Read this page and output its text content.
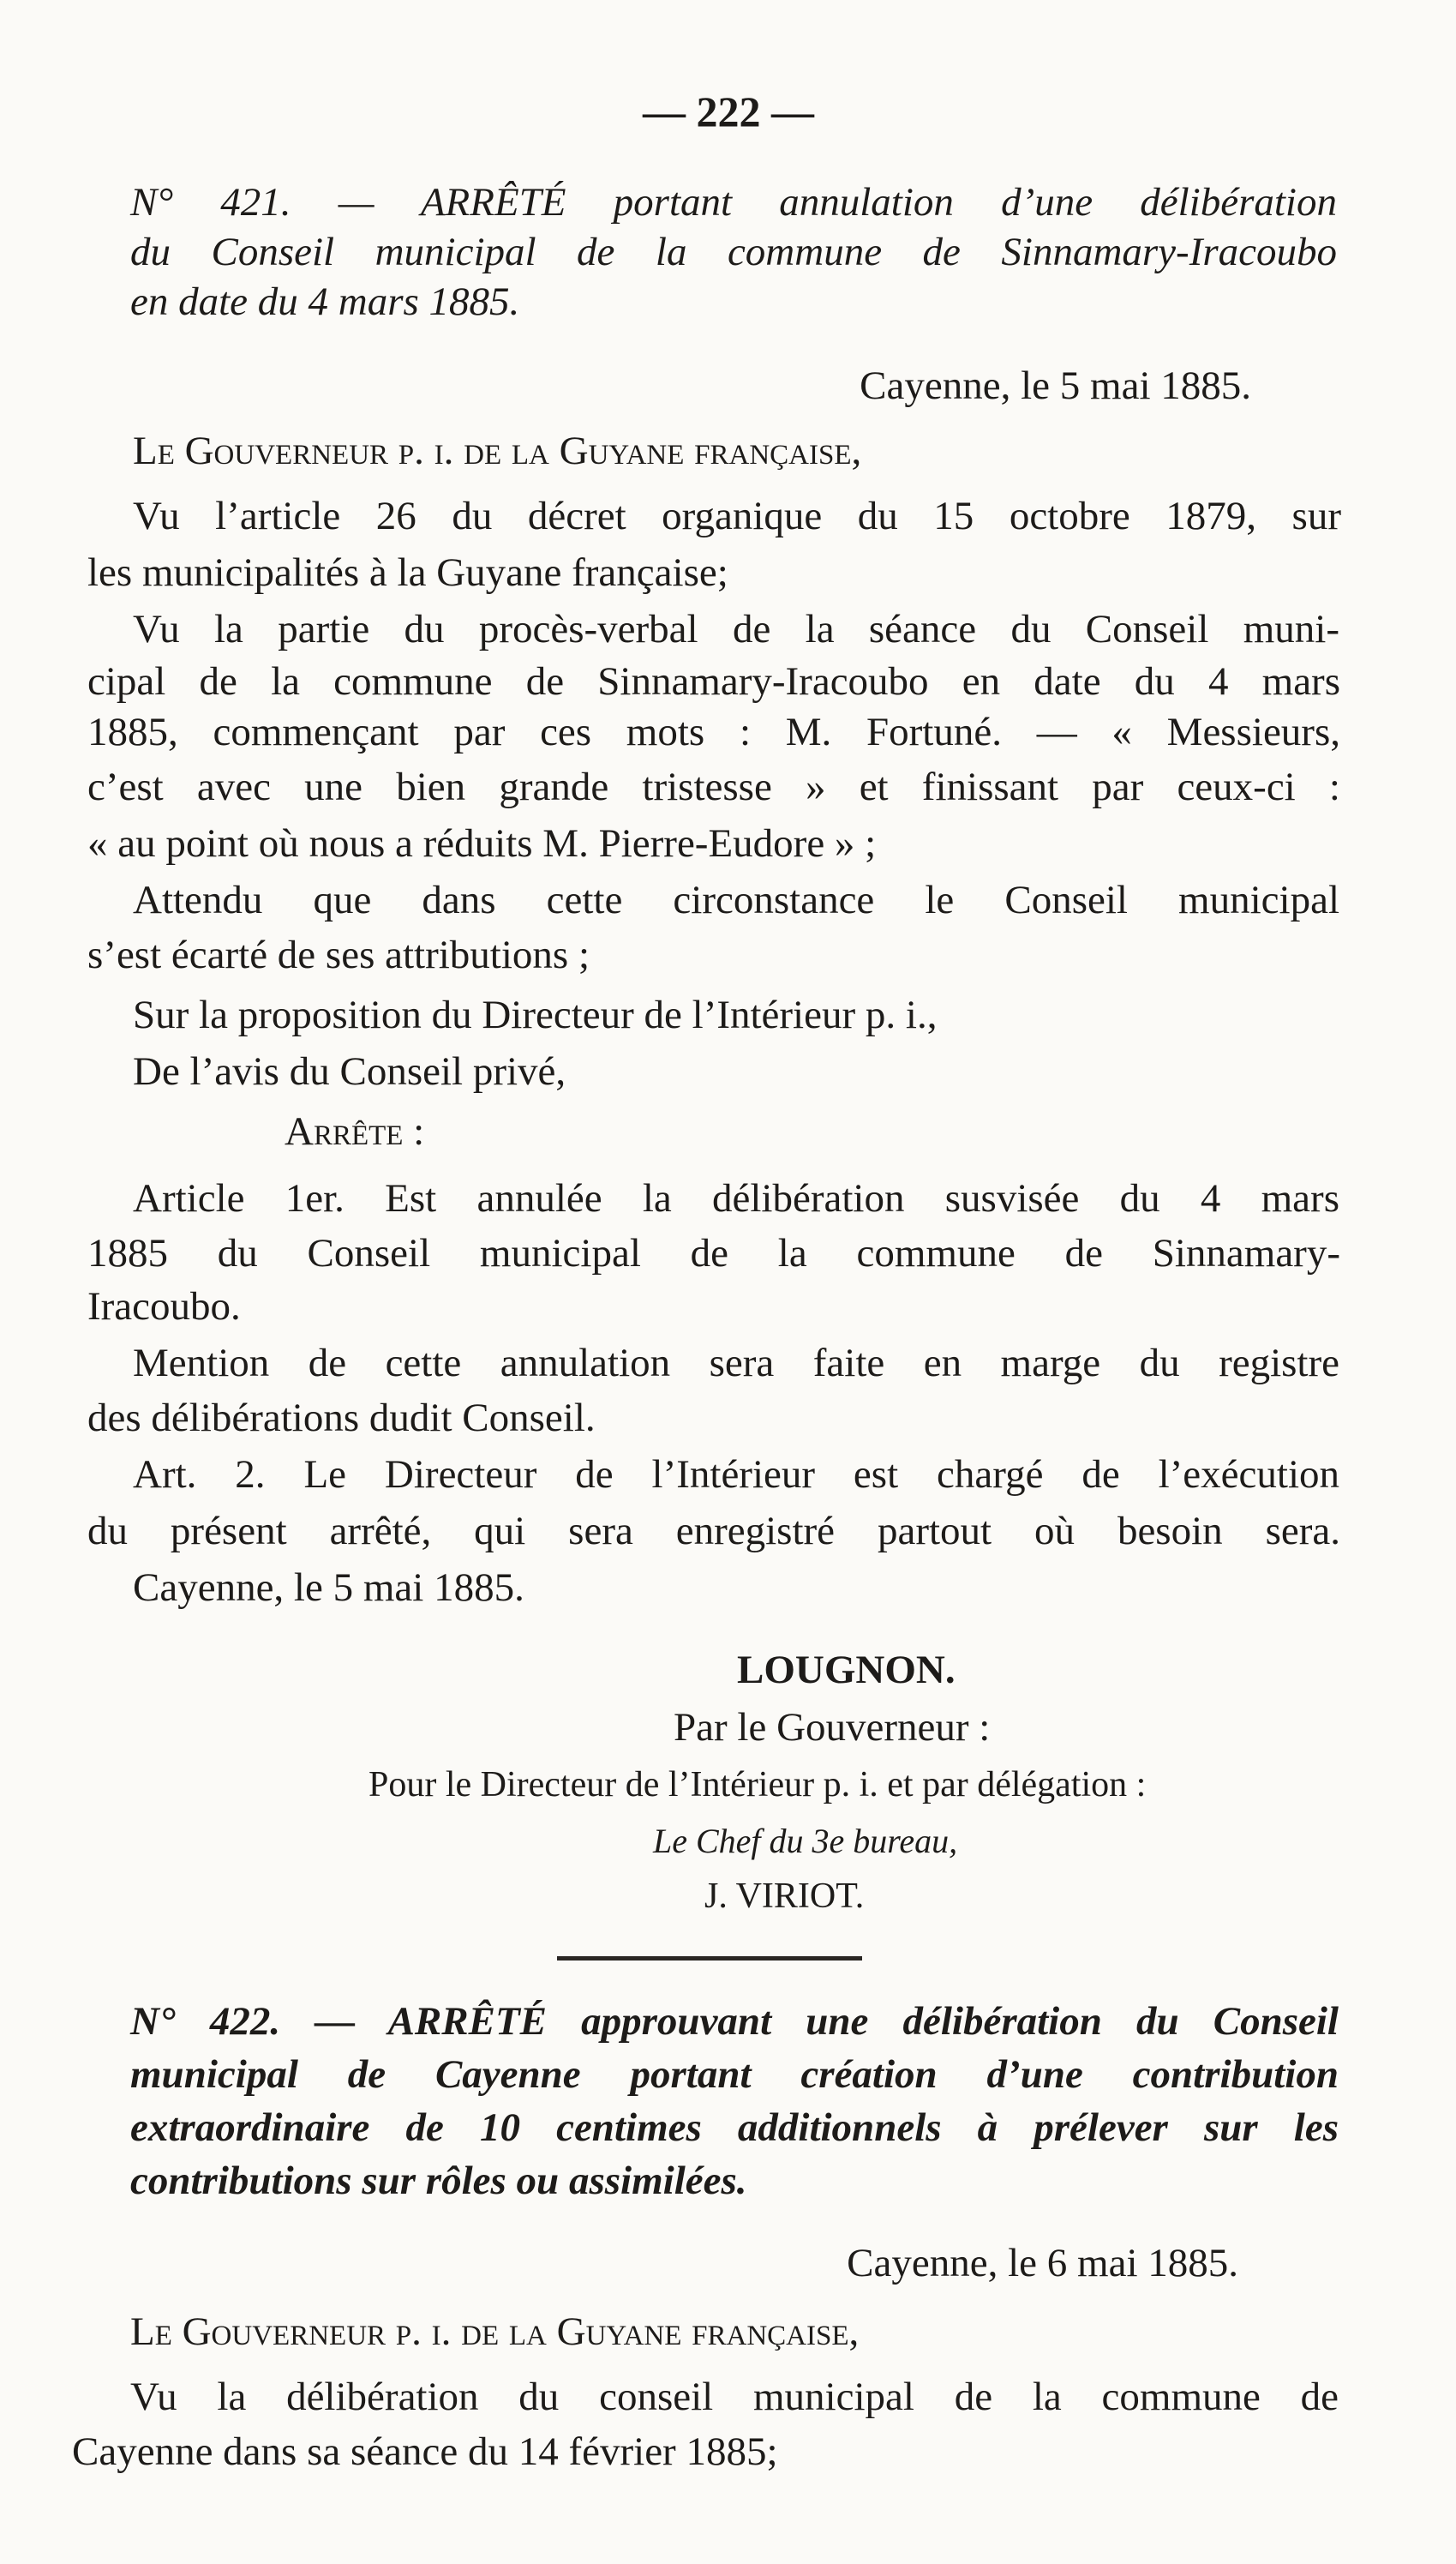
— 222 —
N° 421. — ARRÊTÉ portant annulation d’une délibération
du Conseil municipal de la commune de Sinnamary-Iracoubo
en date du 4 mars 1885.
Cayenne, le 5 mai 1885.
Le Gouverneur p. i. de la Guyane française,
Vu l’article 26 du décret organique du 15 octobre 1879, sur
les municipalités à la Guyane française;
Vu la partie du procès-verbal de la séance du Conseil muni-
cipal de la commune de Sinnamary-Iracoubo en date du 4 mars
1885, commençant par ces mots : M. Fortuné. — « Messieurs,
c’est avec une bien grande tristesse » et finissant par ceux-ci :
« au point où nous a réduits M. Pierre-Eudore » ;
Attendu que dans cette circonstance le Conseil municipal
s’est écarté de ses attributions ;
Sur la proposition du Directeur de l’Intérieur p. i.,
De l’avis du Conseil privé,
Arrête :
Article 1er. Est annulée la délibération susvisée du 4 mars
1885 du Conseil municipal de la commune de Sinnamary-
Iracoubo.
Mention de cette annulation sera faite en marge du registre
des délibérations dudit Conseil.
Art. 2. Le Directeur de l’Intérieur est chargé de l’exécution
du présent arrêté, qui sera enregistré partout où besoin sera.
Cayenne, le 5 mai 1885.
LOUGNON.
Par le Gouverneur :
Pour le Directeur de l’Intérieur p. i. et par délégation :
Le Chef du 3e bureau,
J. VIRIOT.
N° 422. — ARRÊTÉ approuvant une délibération du Conseil
municipal de Cayenne portant création d’une contribution
extraordinaire de 10 centimes additionnels à prélever sur les
contributions sur rôles ou assimilées.
Cayenne, le 6 mai 1885.
Le Gouverneur p. i. de la Guyane française,
Vu la délibération du conseil municipal de la commune de
Cayenne dans sa séance du 14 février 1885;
